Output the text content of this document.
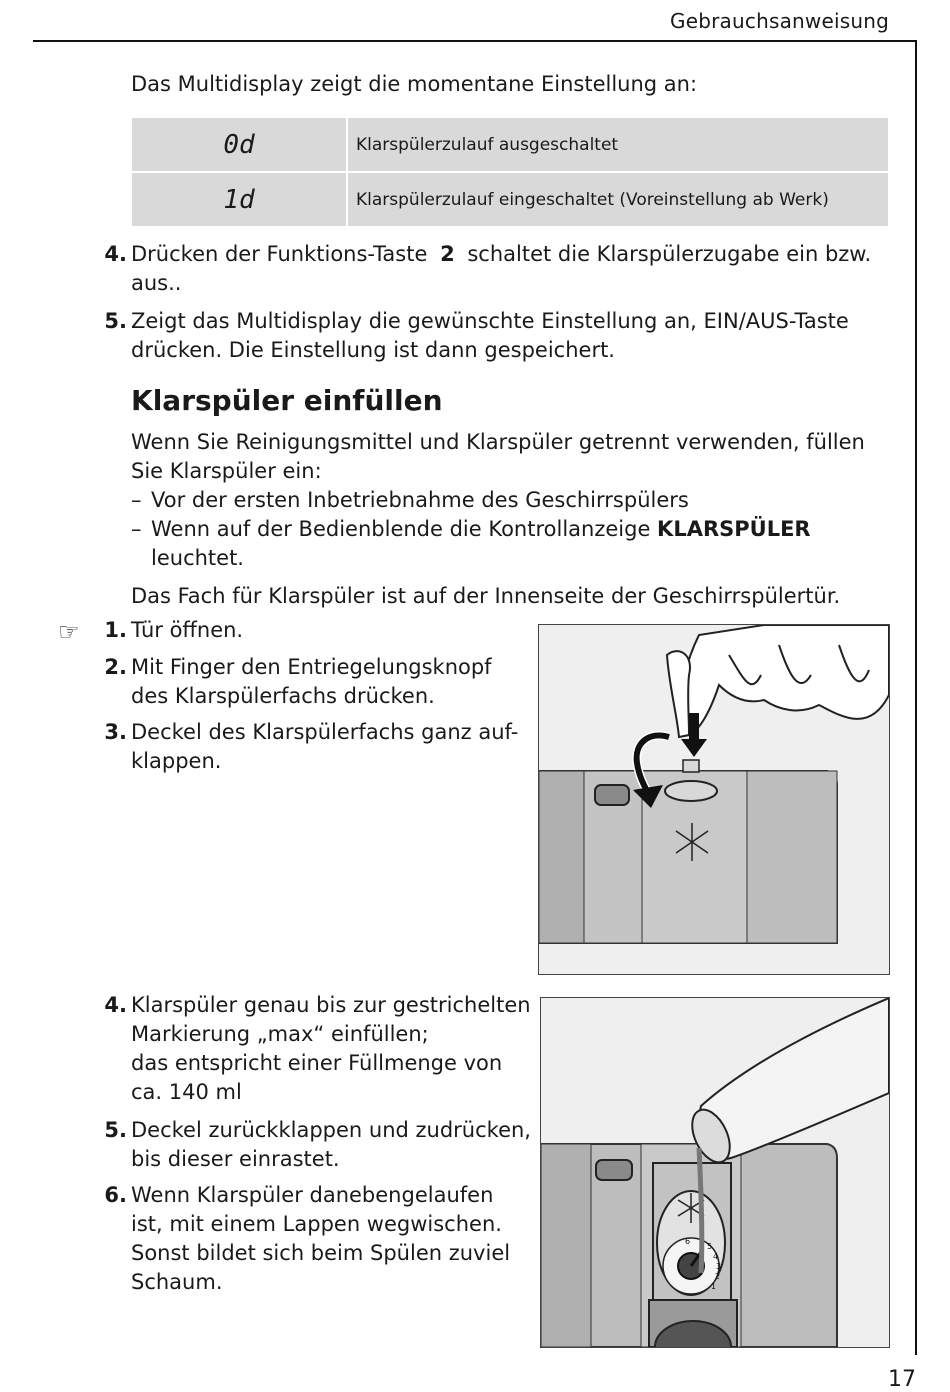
Gebrauchsanweisung
Das Multidisplay zeigt die momentane Einstellung an:
0d	Klarspülerzulauf ausgeschaltet
1d	Klarspülerzulauf eingeschaltet (Voreinstellung ab Werk)
4. Drücken der Funktions-Taste 2 schaltet die Klarspülerzugabe ein bzw.
aus..
5. Zeigt das Multidisplay die gewünschte Einstellung an, EIN/AUS-Taste
drücken. Die Einstellung ist dann gespeichert.
Klarspüler einfüllen
Wenn Sie Reinigungsmittel und Klarspüler getrennt verwenden, füllen
Sie Klarspüler ein:
– Vor der ersten Inbetriebnahme des Geschirrspülers
– Wenn auf der Bedienblende die Kontrollanzeige KLARSPÜLER
leuchtet.
Das Fach für Klarspüler ist auf der Innenseite der Geschirrspülertür.
☞ 1. Tür öffnen.
2. Mit Finger den Entriegelungsknopf
des Klarspülerfachs drücken.
3. Deckel des Klarspülerfachs ganz auf-
klappen.
4. Klarspüler genau bis zur gestrichelten
Markierung „max“ einfüllen;
das entspricht einer Füllmenge von
ca. 140 ml
5. Deckel zurückklappen und zudrücken,
bis dieser einrastet.
6. Wenn Klarspüler danebengelaufen
ist, mit einem Lappen wegwischen.
Sonst bildet sich beim Spülen zuviel
Schaum.
6
5
4
3
2
1
17
